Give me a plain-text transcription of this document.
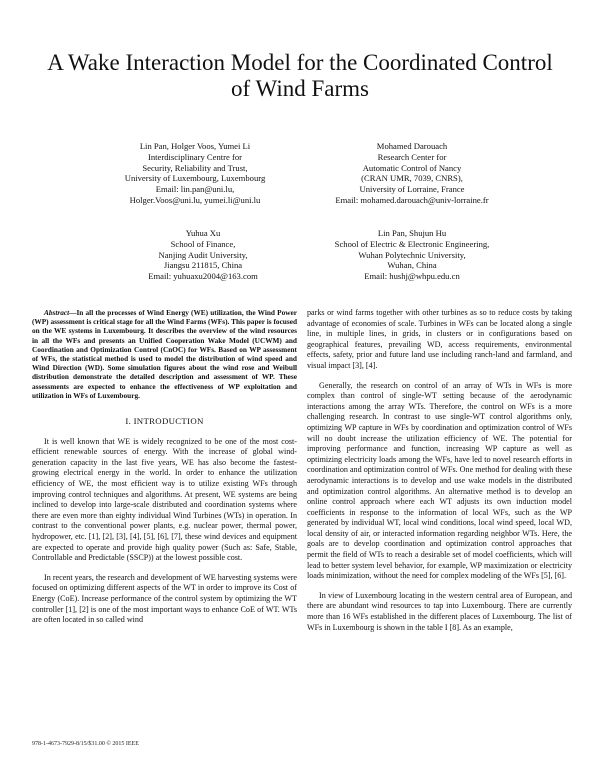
A Wake Interaction Model for the Coordinated Control of Wind Farms
Lin Pan, Holger Voos, Yumei Li
Interdisciplinary Centre for
Security, Reliability and Trust,
University of Luxembourg, Luxembourg
Email: lin.pan@uni.lu,
Holger.Voos@uni.lu, yumei.li@uni.lu
Mohamed Darouach
Research Center for
Automatic Control of Nancy
(CRAN UMR, 7039, CNRS),
University of Lorraine, France
Email: mohamed.darouach@univ-lorraine.fr
Yuhua Xu
School of Finance,
Nanjing Audit University,
Jiangsu 211815, China
Email: yuhuaxu2004@163.com
Lin Pan, Shujun Hu
School of Electric & Electronic Engineering,
Wuhan Polytechnic University,
Wuhan, China
Email: hushj@whpu.edu.cn

Abstract—In all the processes of Wind Energy (WE) utilization, the Wind Power (WP) assessment is critical stage for all the Wind Farms (WFs). This paper is focused on the WE systems in Luxembourg. It describes the overview of the wind resources in all the WFs and presents an Unified Cooperation Wake Model (UCWM) and Coordination and Optimization Control (CnOC) for WFs. Based on WP assessment of WFs, the statistical method is used to model the distribution of wind speed and Wind Direction (WD). Some simulation figures about the wind rose and Weibull distribution demonstrate the detailed description and assessment of WP. These assessments are expected to enhance the effectiveness of WP exploitation and utilization in WFs of Luxembourg.

I. INTRODUCTION

It is well known that WE is widely recognized to be one of the most cost-efficient renewable sources of energy. With the increase of global wind-generation capacity in the last five years, WE has also become the fastest-growing electrical energy in the world. In order to enhance the utilization efficiency of WE, the most efficient way is to utilize existing WFs through improving control techniques and algorithms. At present, WE systems are being inclined to develop into large-scale distributed and coordination systems where there are even more than eighty individual Wind Turbines (WTs) in operation. In contrast to the conventional power plants, e.g. nuclear power, thermal power, hydropower, etc. [1], [2], [3], [4], [5], [6], [7], these wind devices and equipment are expected to operate and provide high quality power (Such as: Safe, Stable, Controllable and Predictable (SSCP)) at the lowest possible cost.

In recent years, the research and development of WE harvesting systems were focused on optimizing different aspects of the WT in order to improve its Cost of Energy (CoE). Increase performance of the control system by optimizing the WT controller [1], [2] is one of the most important ways to enhance CoE of WT. WTs are often located in so called wind

parks or wind farms together with other turbines as so to reduce costs by taking advantage of economies of scale. Turbines in WFs can be located along a single line, in multiple lines, in grids, in clusters or in configurations based on geographical features, prevailing WD, access requirements, environmental effects, safety, prior and future land use including ranch-land and farmland, and visual impact [3], [4].

Generally, the research on control of an array of WTs in WFs is more complex than control of single-WT setting because of the aerodynamic interactions among the array WTs. Therefore, the control on WFs is a more challenging research. In contrast to use single-WT control algorithms only, optimizing WP capture in WFs by coordination and optimization control of WFs will no doubt increase the utilization efficiency of WE. The potential for improving performance and function, increasing WP capture as well as optimizing electricity loads among the WFs, have led to novel research efforts in coordination and optimization control of WFs. One method for dealing with these aerodynamic interactions is to develop and use wake models in the distributed and optimization control algorithms. An alternative method is to develop an online control approach where each WT adjusts its own induction model coefficients in response to the information of local WFs, such as the WP generated by individual WT, local wind conditions, local wind speed, local WD, local density of air, or interacted information regarding neighbor WTs. Here, the goals are to develop coordination and optimization control approaches that permit the field of WTs to reach a desirable set of model coefficients, which will lead to better system level behavior, for example, WP maximization or electricity loads minimization, without the need for complex modeling of the WFs [5], [6].

In view of Luxembourg locating in the western central area of European, and there are abundant wind resources to tap into Luxembourg. There are currently more than 16 WFs established in the different places of Luxembourg. The list of WFs in Luxembourg is shown in the table I [8]. As an example,

978-1-4673-7929-8/15/$31.00 © 2015 IEEE
